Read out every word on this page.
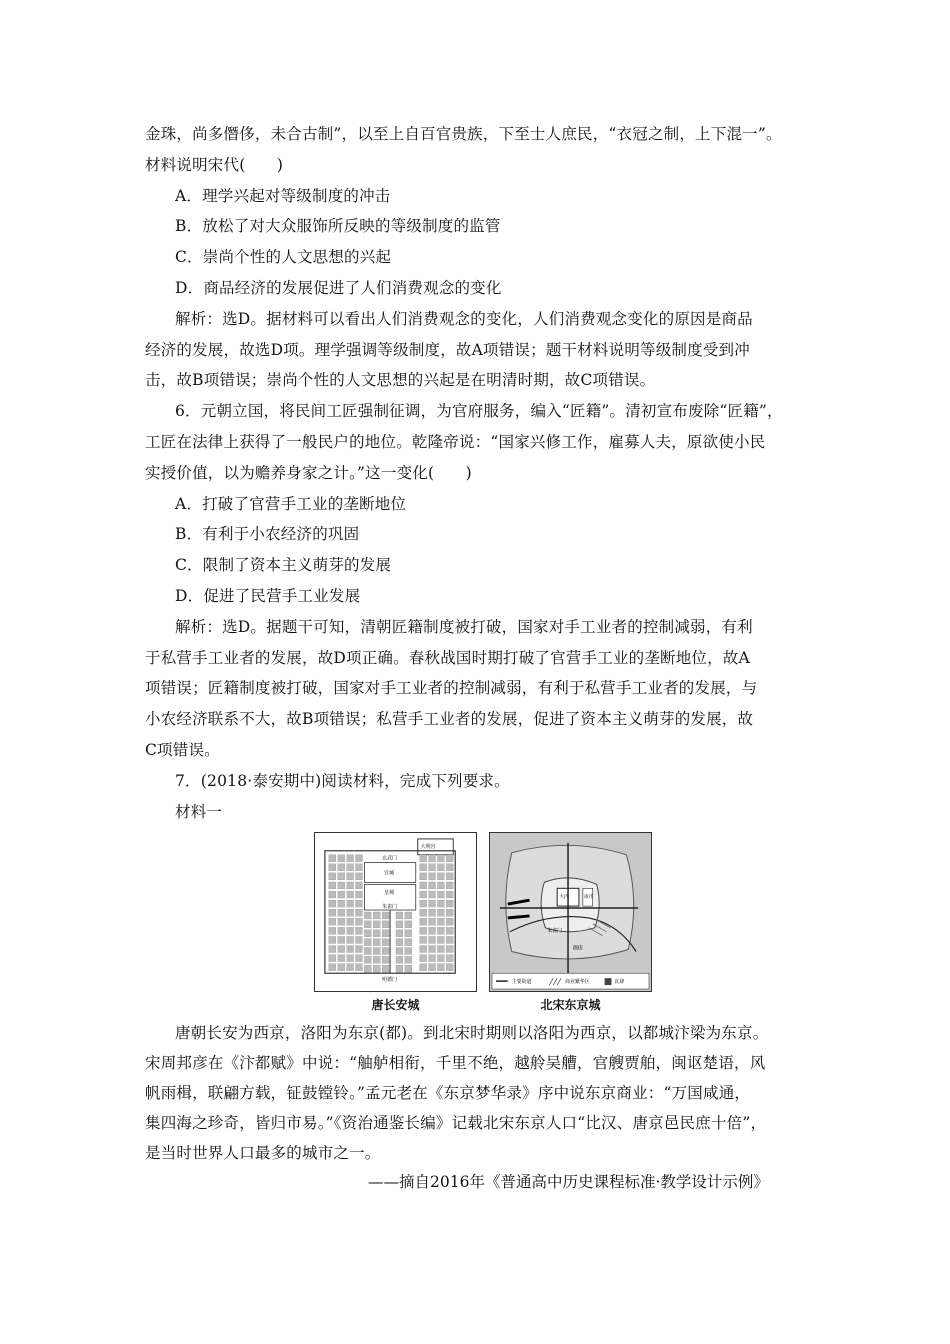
金珠，尚多僭侈，未合古制”，以至上自百官贵族，下至士人庶民，“衣冠之制，上下混一”。
材料说明宋代(　　)
A．理学兴起对等级制度的冲击
B．放松了对大众服饰所反映的等级制度的监管
C．崇尚个性的人文思想的兴起
D．商品经济的发展促进了人们消费观念的变化
解析：选D。据材料可以看出人们消费观念的变化，人们消费观念变化的原因是商品
经济的发展，故选D项。理学强调等级制度，故A项错误；题干材料说明等级制度受到冲
击，故B项错误；崇尚个性的人文思想的兴起是在明清时期，故C项错误。
6．元朝立国，将民间工匠强制征调，为官府服务，编入“匠籍”。清初宣布废除“匠籍”，
工匠在法律上获得了一般民户的地位。乾隆帝说：“国家兴修工作，雇募人夫，原欲使小民
实授价值，以为赡养身家之计。”这一变化(　　)
A．打破了官营手工业的垄断地位
B．有利于小农经济的巩固
C．限制了资本主义萌芽的发展
D．促进了民营手工业发展
解析：选D。据题干可知，清朝匠籍制度被打破，国家对手工业者的控制减弱，有利
于私营手工业者的发展，故D项正确。春秋战国时期打破了官营手工业的垄断地位，故A
项错误；匠籍制度被打破，国家对手工业者的控制减弱，有利于私营手工业者的发展，与
小农经济联系不大，故B项错误；私营手工业者的发展，促进了资本主义萌芽的发展，故
C项错误。
7．(2018·泰安期中)阅读材料，完成下列要求。
材料一
宫城
皇城
大明宫
玄武门
朱雀门
明德门
唐长安城
大内	夜市
朱雀门
御街
主要街道	商业繁华区	瓦肆
北宋东京城
唐朝长安为西京，洛阳为东京(都)。到北宋时期则以洛阳为西京，以都城汴梁为东京。
宋周邦彦在《汴都赋》中说：“舳舻相衔，千里不绝，越舲吴艚，官艘贾舶，闽讴楚语，风
帆雨楫，联翩方载，钲鼓镗铃。”孟元老在《东京梦华录》序中说东京商业：“万国咸通，
集四海之珍奇，皆归市易。”《资治通鉴长编》记载北宋东京人口“比汉、唐京邑民庶十倍”，
是当时世界人口最多的城市之一。
——摘自2016年《普通高中历史课程标准·教学设计示例》
